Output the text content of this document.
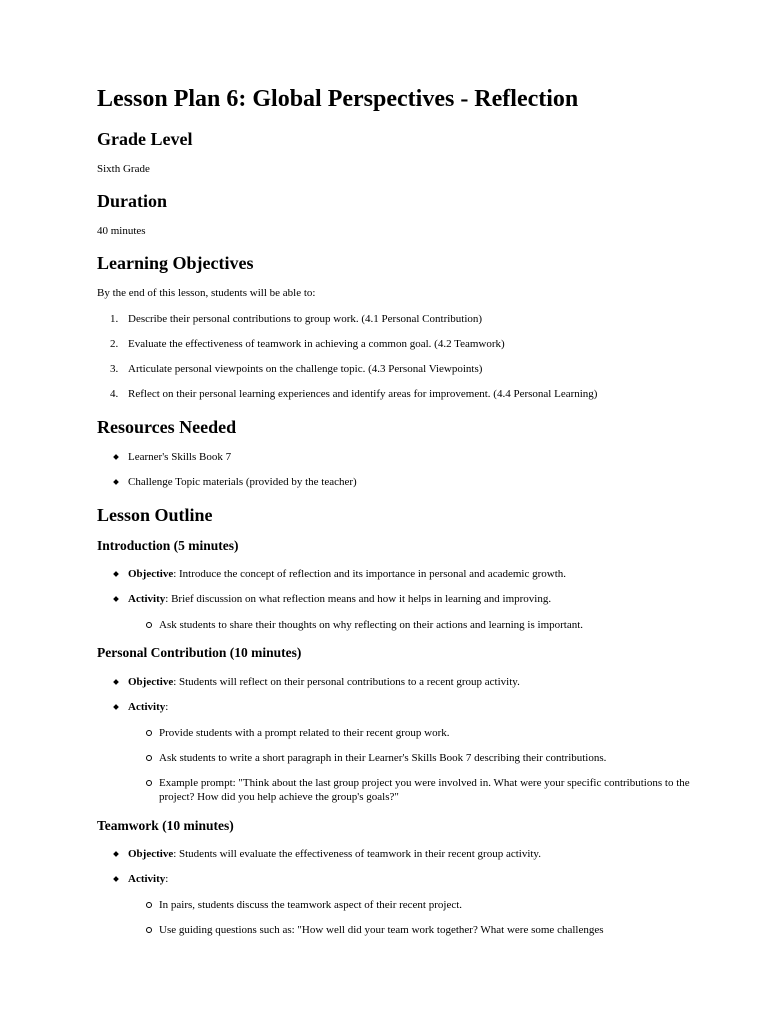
Lesson Plan 6: Global Perspectives - Reflection
Grade Level

Sixth Grade

Duration

40 minutes

Learning Objectives

By the end of this lesson, students will be able to:

1. Describe their personal contributions to group work. (4.1 Personal Contribution)
2. Evaluate the effectiveness of teamwork in achieving a common goal. (4.2 Teamwork)
3. Articulate personal viewpoints on the challenge topic. (4.3 Personal Viewpoints)
4. Reflect on their personal learning experiences and identify areas for improvement. (4.4 Personal Learning)
Resources Needed
Learner's Skills Book 7
Challenge Topic materials (provided by the teacher)
Lesson Outline
Introduction (5 minutes)
Objective: Introduce the concept of reflection and its importance in personal and academic growth.
Activity: Brief discussion on what reflection means and how it helps in learning and improving.
Ask students to share their thoughts on why reflecting on their actions and learning is important.
Personal Contribution (10 minutes)
Objective: Students will reflect on their personal contributions to a recent group activity.
Activity:
Provide students with a prompt related to their recent group work.
Ask students to write a short paragraph in their Learner's Skills Book 7 describing their contributions.
Example prompt: "Think about the last group project you were involved in. What were your specific contributions to the project? How did you help achieve the group's goals?"
Teamwork (10 minutes)
Objective: Students will evaluate the effectiveness of teamwork in their recent group activity.
Activity:
In pairs, students discuss the teamwork aspect of their recent project.
Use guiding questions such as: "How well did your team work together? What were some challenges
